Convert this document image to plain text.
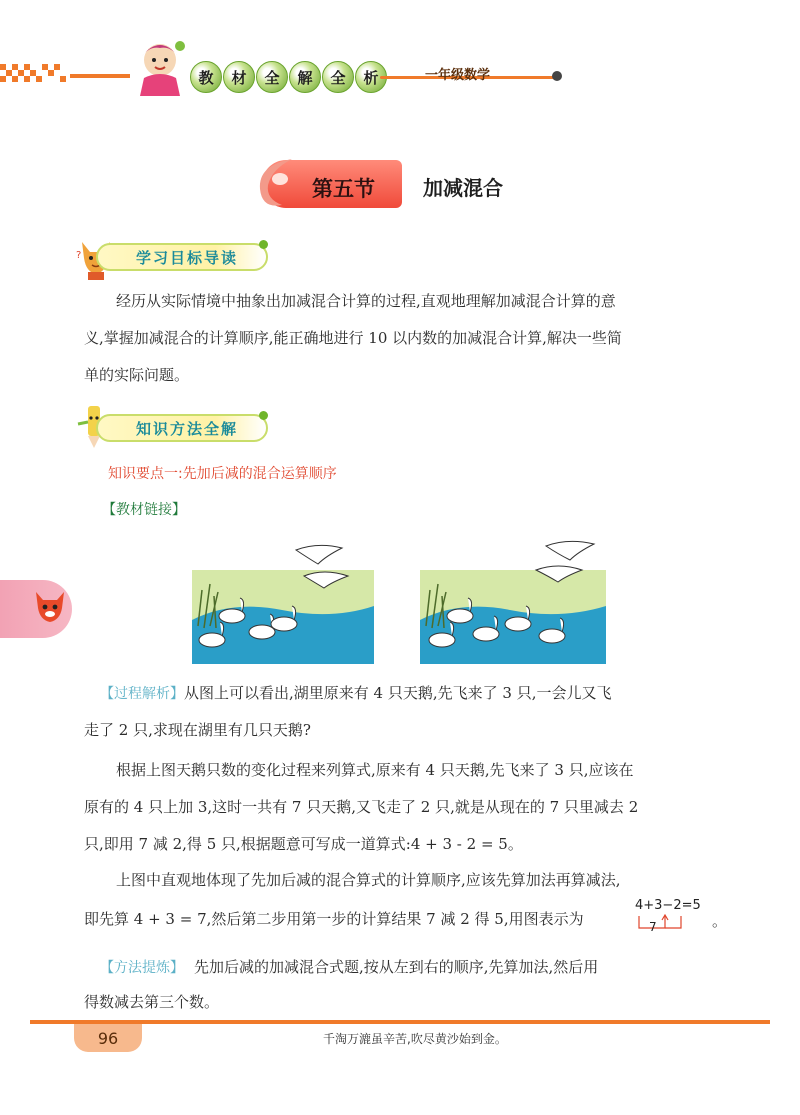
教	材	全	解	全	析	一年级数学
第五节 加减混合
?	学习目标导读
经历从实际情境中抽象出加减混合计算的过程,直观地理解加减混合计算的意
义,掌握加减混合的计算顺序,能正确地进行 10 以内数的加减混合计算,解决一些简
单的实际问题。
知识方法全解
知识要点一:先加后减的混合运算顺序
【教材链接】
【过程解析】从图上可以看出,湖里原来有 4 只天鹅,先飞来了 3 只,一会儿又飞
走了 2 只,求现在湖里有几只天鹅?
根据上图天鹅只数的变化过程来列算式,原来有 4 只天鹅,先飞来了 3 只,应该在
原有的 4 只上加 3,这时一共有 7 只天鹅,又飞走了 2 只,就是从现在的 7 只里减去 2
只,即用 7 减 2,得 5 只,根据题意可写成一道算式:4 + 3 - 2 = 5。
上图中直观地体现了先加后减的混合算式的计算顺序,应该先算加法再算减法,
即先算 4 + 3 = 7,然后第二步用第一步的计算结果 7 减 2 得 5,用图表示为
4+3−2=5
7	。
【方法提炼】 先加后减的加减混合式题,按从左到右的顺序,先算加法,然后用
得数减去第三个数。
96	千淘万漉虽辛苦,吹尽黄沙始到金。
